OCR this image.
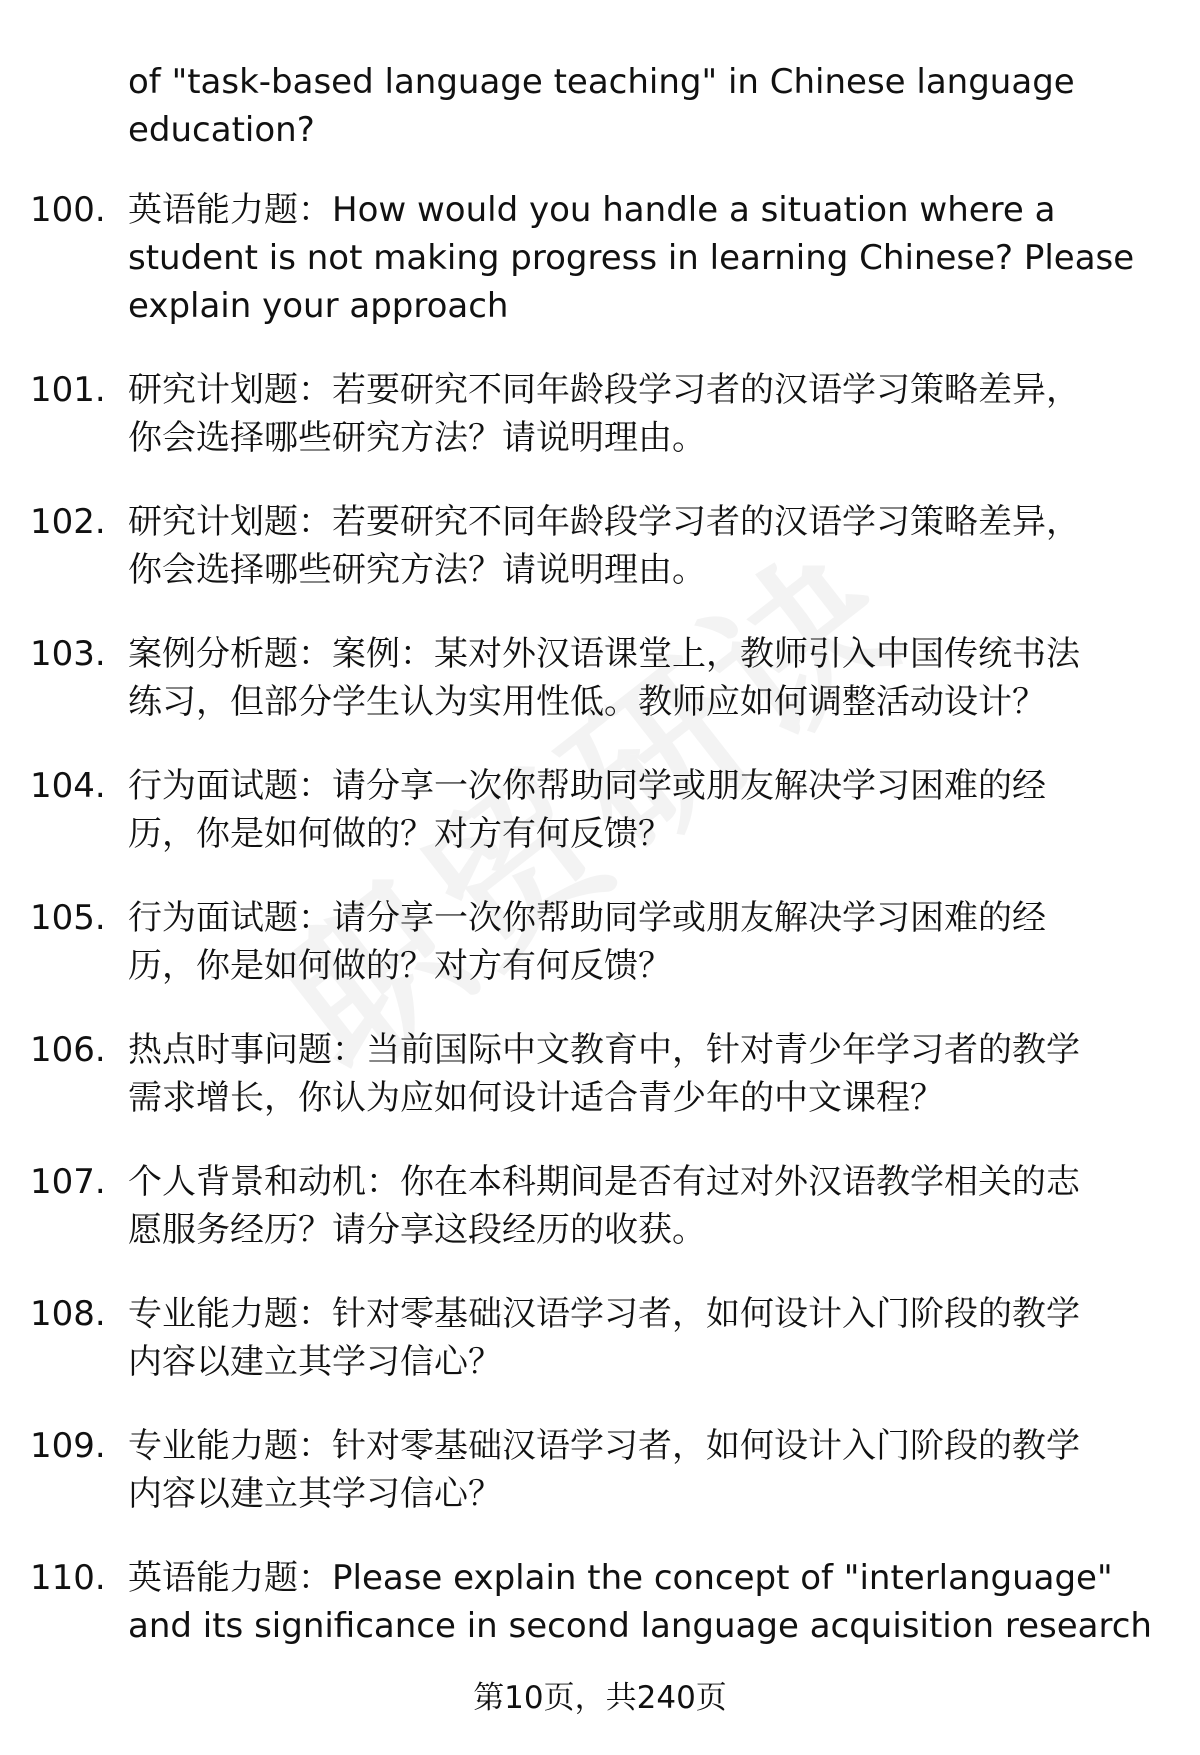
of "task-based language teaching" in Chinese language
education?
100. 英语能力题：How would you handle a situation where a
student is not making progress in learning Chinese? Please
explain your approach
101. 研究计划题：若要研究不同年龄段学习者的汉语学习策略差异，
你会选择哪些研究方法？请说明理由。
102. 研究计划题：若要研究不同年龄段学习者的汉语学习策略差异，
你会选择哪些研究方法？请说明理由。
103. 案例分析题：案例：某对外汉语课堂上，教师引入中国传统书法
练习，但部分学生认为实用性低。教师应如何调整活动设计？
104. 行为面试题：请分享一次你帮助同学或朋友解决学习困难的经
历，你是如何做的？对方有何反馈？
105. 行为面试题：请分享一次你帮助同学或朋友解决学习困难的经
历，你是如何做的？对方有何反馈？
106. 热点时事问题：当前国际中文教育中，针对青少年学习者的教学
需求增长，你认为应如何设计适合青少年的中文课程？
107. 个人背景和动机：你在本科期间是否有过对外汉语教学相关的志
愿服务经历？请分享这段经历的收获。
108. 专业能力题：针对零基础汉语学习者，如何设计入门阶段的教学
内容以建立其学习信心？
109. 专业能力题：针对零基础汉语学习者，如何设计入门阶段的教学
内容以建立其学习信心？
110. 英语能力题：Please explain the concept of "interlanguage"
and its significance in second language acquisition research
第10页，共240页
